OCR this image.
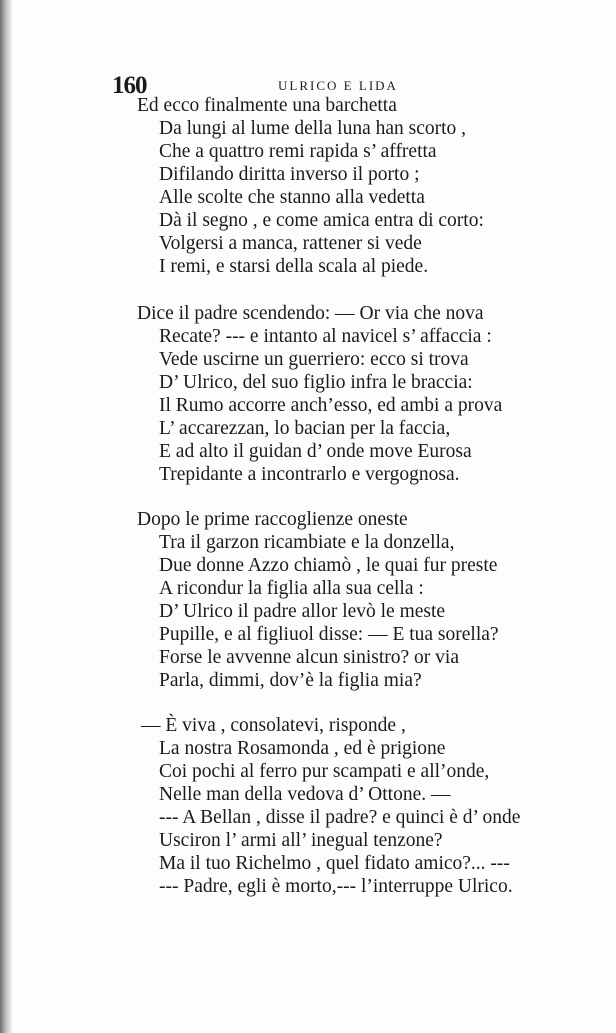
160	ULRICO E LIDA
Ed ecco finalmente una barchetta
Da lungi al lume della luna han scorto ,
Che a quattro remi rapida s’ affretta
Difilando diritta inverso il porto ;
Alle scolte che stanno alla vedetta
Dà il segno , e come amica entra di corto:
Volgersi a manca, rattener si vede
I remi, e starsi della scala al piede.
Dice il padre scendendo: — Or via che nova
Recate? --- e intanto al navicel s’ affaccia :
Vede uscirne un guerriero: ecco si trova
D’ Ulrico, del suo figlio infra le braccia:
Il Rumo accorre anch’esso, ed ambi a prova
L’ accarezzan, lo bacian per la faccia,
E ad alto il guidan d’ onde move Eurosa
Trepidante a incontrarlo e vergognosa.
Dopo le prime raccoglienze oneste
Tra il garzon ricambiate e la donzella,
Due donne Azzo chiamò , le quai fur preste
A ricondur la figlia alla sua cella :
D’ Ulrico il padre allor levò le meste
Pupille, e al figliuol disse: — E tua sorella?
Forse le avvenne alcun sinistro? or via
Parla, dimmi, dov’è la figlia mia?
— È viva , consolatevi, risponde ,
La nostra Rosamonda , ed è prigione
Coi pochi al ferro pur scampati e all’onde,
Nelle man della vedova d’ Ottone. —
--- A Bellan , disse il padre? e quinci è d’ onde
Usciron l’ armi all’ inegual tenzone?
Ma il tuo Richelmo , quel fidato amico?... ---
--- Padre, egli è morto,--- l’interruppe Ulrico.
